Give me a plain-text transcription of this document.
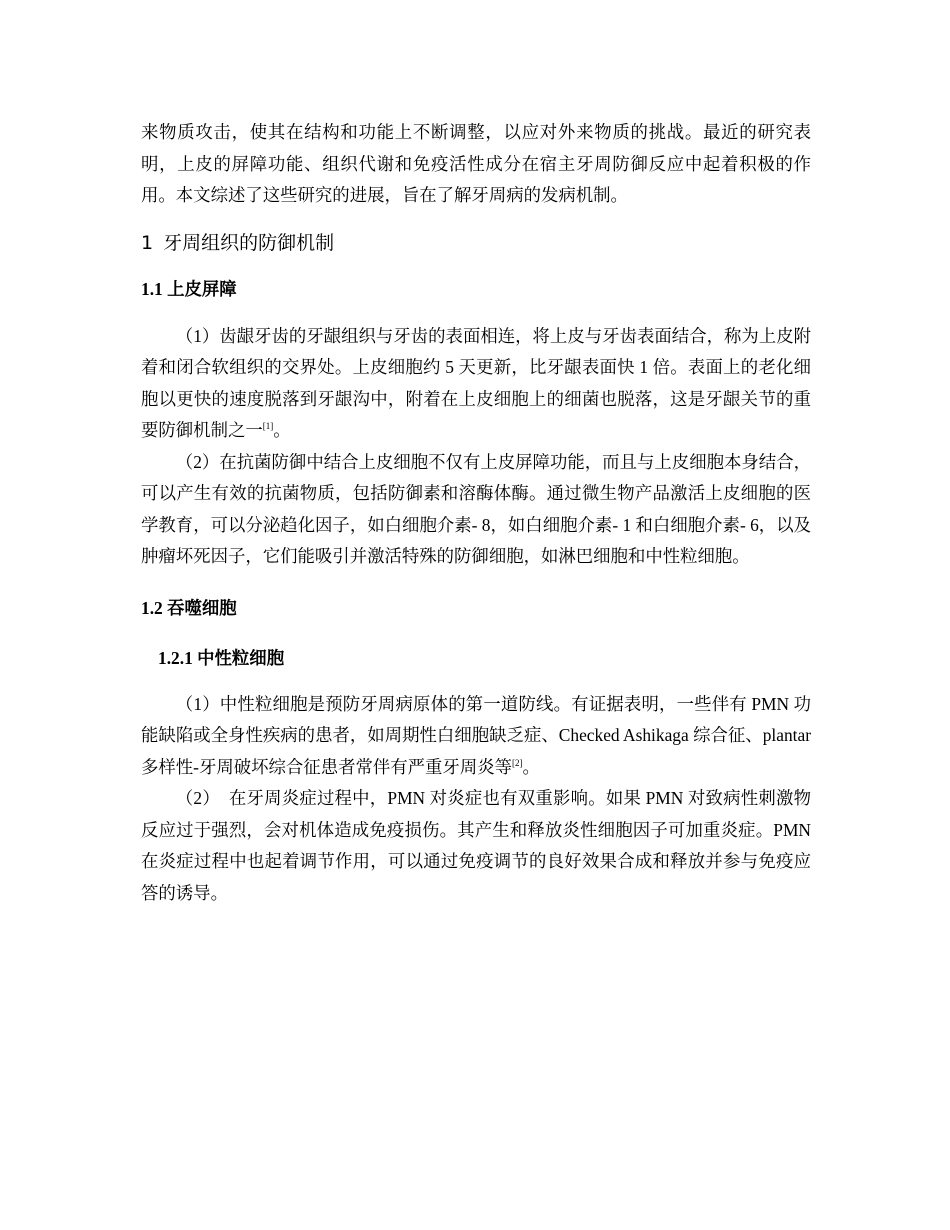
来物质攻击，使其在结构和功能上不断调整，以应对外来物质的挑战。最近的研究表明，上皮的屏障功能、组织代谢和免疫活性成分在宿主牙周防御反应中起着积极的作用。本文综述了这些研究的进展，旨在了解牙周病的发病机制。

1 牙周组织的防御机制
1.1 上皮屏障

（1）齿龈牙齿的牙龈组织与牙齿的表面相连，将上皮与牙齿表面结合，称为上皮附着和闭合软组织的交界处。上皮细胞约 5 天更新，比牙龈表面快 1 倍。表面上的老化细胞以更快的速度脱落到牙龈沟中，附着在上皮细胞上的细菌也脱落，这是牙龈关节的重要防御机制之一[1]。

（2）在抗菌防御中结合上皮细胞不仅有上皮屏障功能，而且与上皮细胞本身结合，可以产生有效的抗菌物质，包括防御素和溶酶体酶。通过微生物产品激活上皮细胞的医学教育，可以分泌趋化因子，如白细胞介素- 8，如白细胞介素- 1 和白细胞介素- 6，以及肿瘤坏死因子，它们能吸引并激活特殊的防御细胞，如淋巴细胞和中性粒细胞。

1.2 吞噬细胞
1.2.1 中性粒细胞

（1）中性粒细胞是预防牙周病原体的第一道防线。有证据表明，一些伴有 PMN 功能缺陷或全身性疾病的患者，如周期性白细胞缺乏症、Checked Ashikaga 综合征、plantar 多样性-牙周破坏综合征患者常伴有严重牙周炎等[2]。

（2）　在牙周炎症过程中，PMN 对炎症也有双重影响。如果 PMN 对致病性刺激物反应过于强烈，会对机体造成免疫损伤。其产生和释放炎性细胞因子可加重炎症。PMN 在炎症过程中也起着调节作用，可以通过免疫调节的良好效果合成和释放并参与免疫应答的诱导。
